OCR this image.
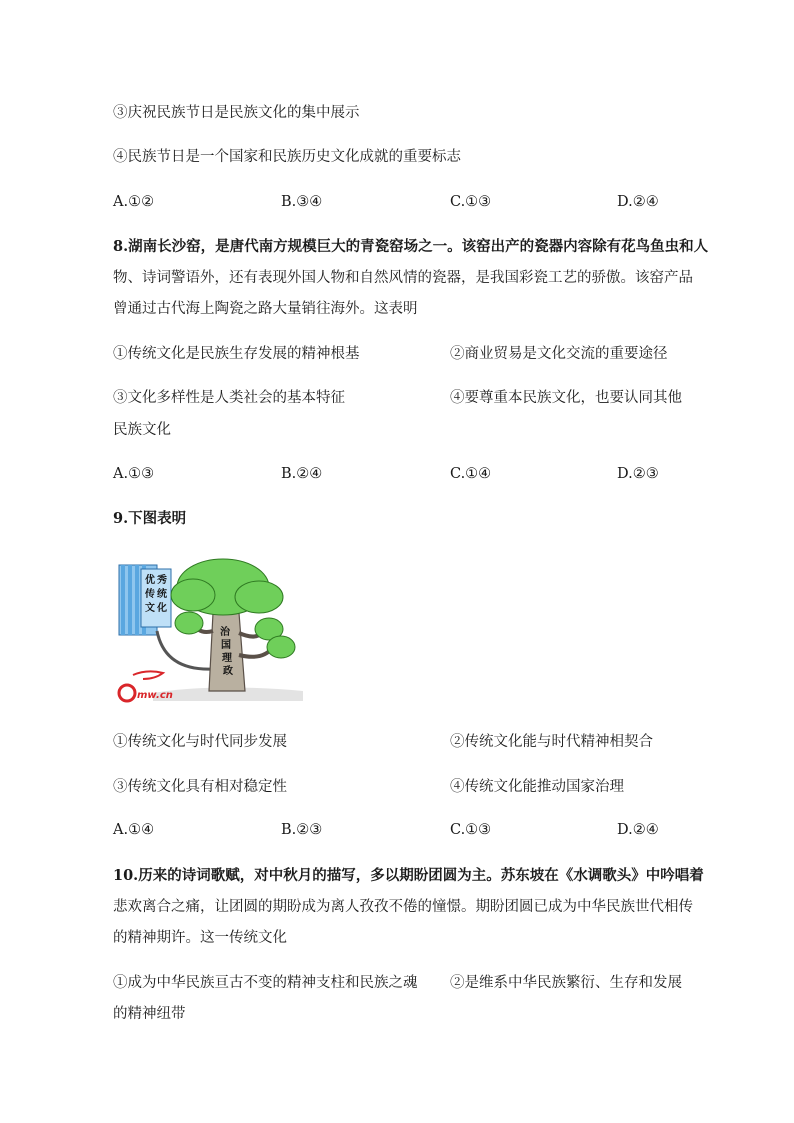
③庆祝民族节日是民族文化的集中展示
④民族节日是一个国家和民族历史文化成就的重要标志
A.①②	B.③④	C.①③	D.②④
8.湖南长沙窑，是唐代南方规模巨大的青瓷窑场之一。该窑出产的瓷器内容除有花鸟鱼虫和人
物、诗词警语外，还有表现外国人物和自然风情的瓷器，是我国彩瓷工艺的骄傲。该窑产品
曾通过古代海上陶瓷之路大量销往海外。这表明
①传统文化是民族生存发展的精神根基	②商业贸易是文化交流的重要途径
③文化多样性是人类社会的基本特征	④要尊重本民族文化，也要认同其他
民族文化
A.①③	B.②④	C.①④	D.②③
9.下图表明
优 秀
传 统
文 化
治
国
理
政
mw.cn
①传统文化与时代同步发展	②传统文化能与时代精神相契合
③传统文化具有相对稳定性	④传统文化能推动国家治理
A.①④	B.②③	C.①③	D.②④
10.历来的诗词歌赋，对中秋月的描写，多以期盼团圆为主。苏东坡在《水调歌头》中吟唱着
悲欢离合之痛，让团圆的期盼成为离人孜孜不倦的憧憬。期盼团圆已成为中华民族世代相传
的精神期许。这一传统文化
①成为中华民族亘古不变的精神支柱和民族之魂 ②是维系中华民族繁衍、生存和发展
的精神纽带
